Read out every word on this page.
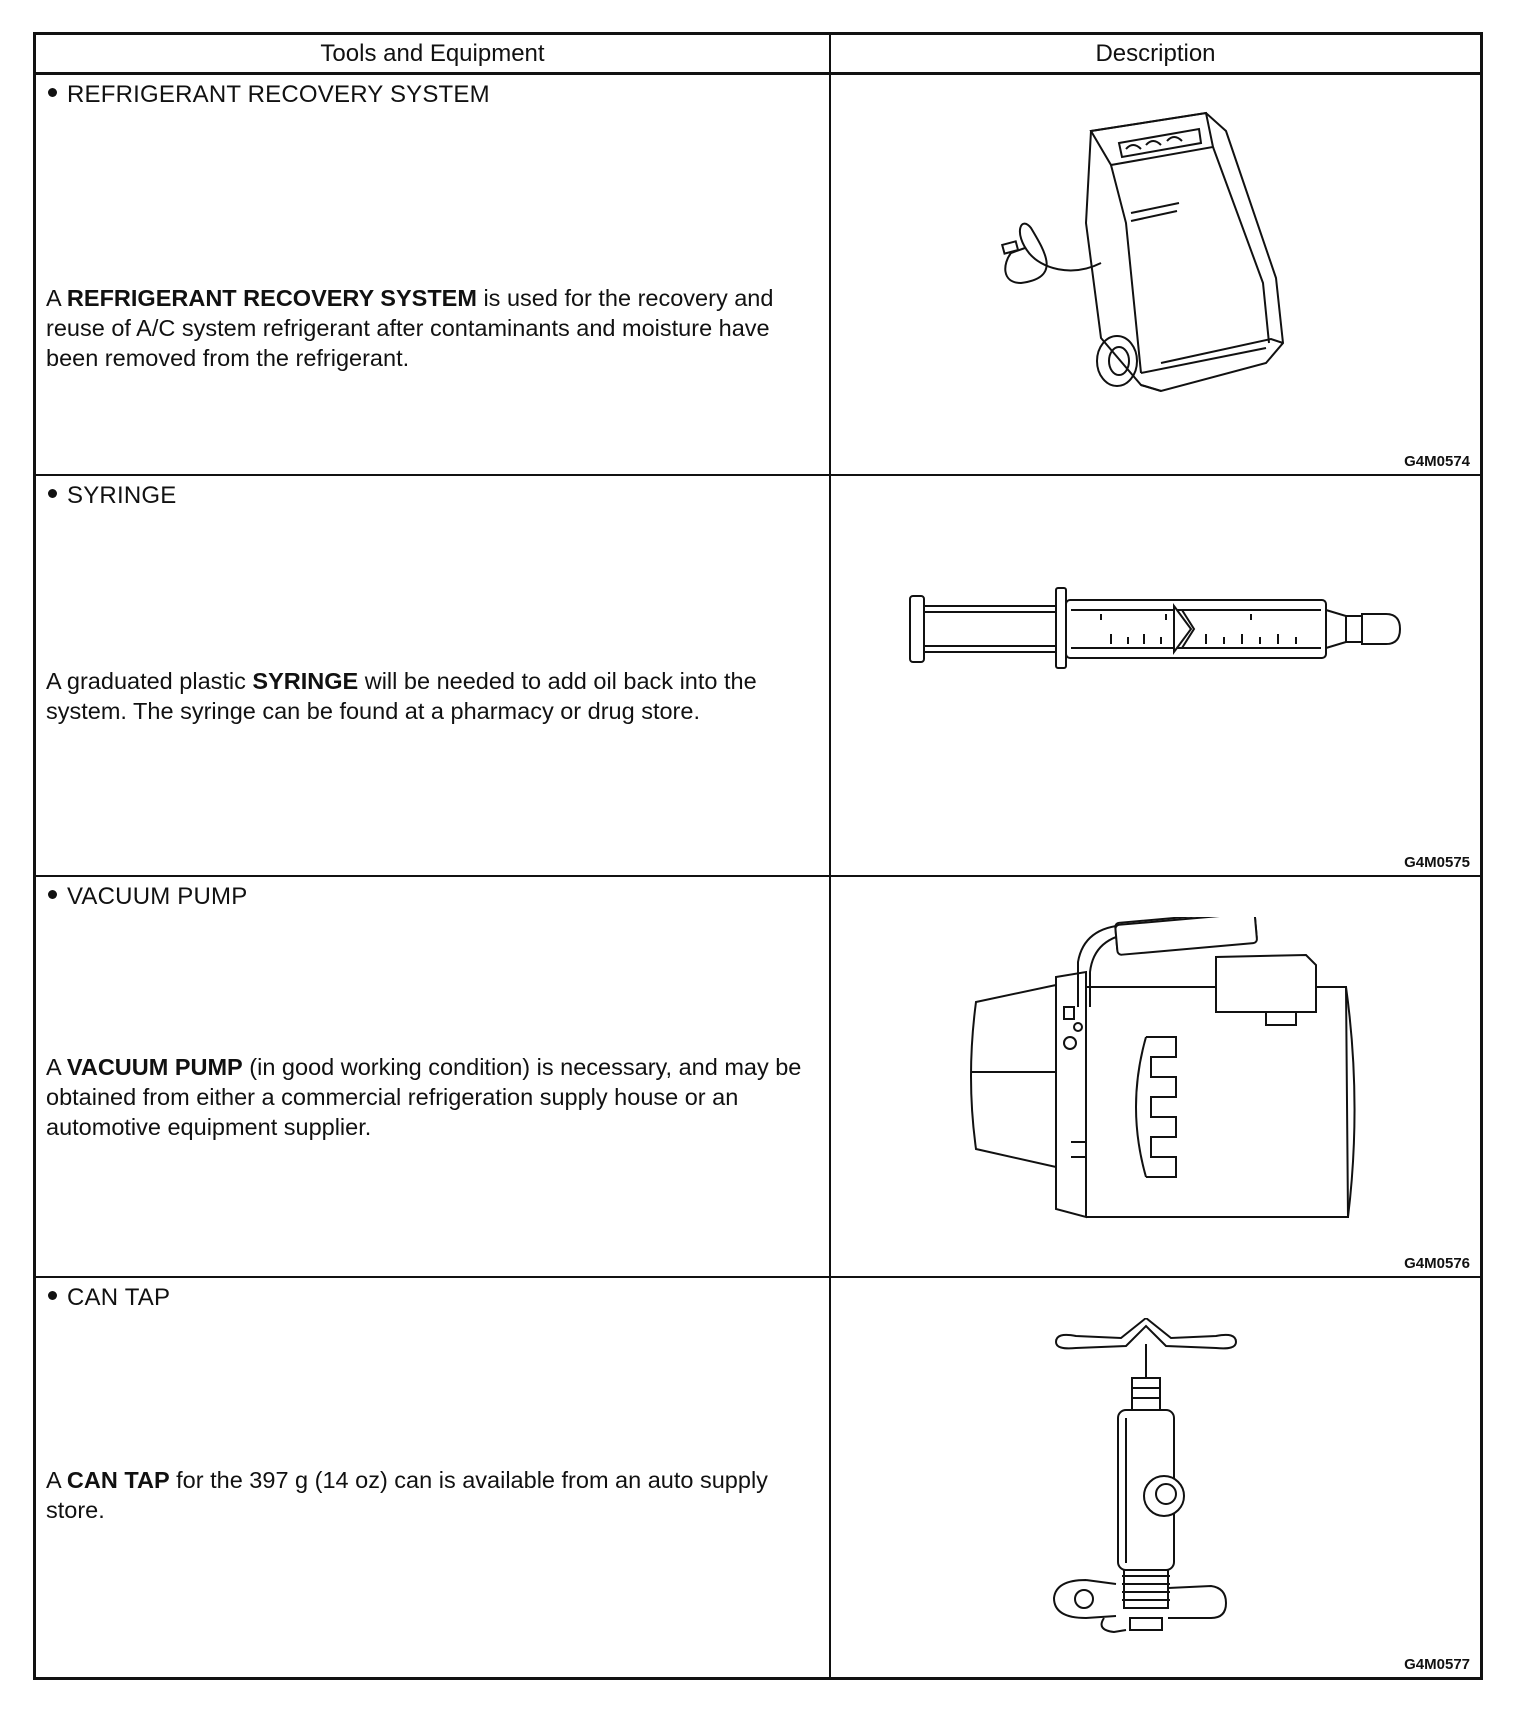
Tools and Equipment	Description
REFRIGERANT RECOVERY SYSTEM
A REFRIGERANT RECOVERY SYSTEM is used for the recovery and reuse of A/C system refrigerant after contaminants and moisture have been removed from the refrigerant.
G4M0574
SYRINGE
A graduated plastic SYRINGE will be needed to add oil back into the system. The syringe can be found at a pharmacy or drug store.
G4M0575
VACUUM PUMP
A VACUUM PUMP (in good working condition) is necessary, and may be obtained from either a commercial refrigeration supply house or an automotive equipment supplier.
G4M0576
CAN TAP
A CAN TAP for the 397 g (14 oz) can is available from an auto supply store.
G4M0577
